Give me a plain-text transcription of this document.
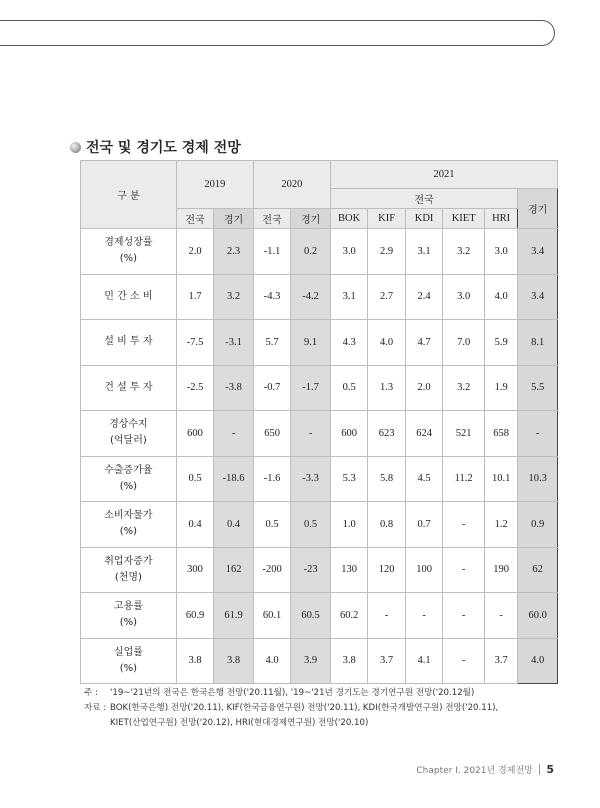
전국 및 경기도 경제 전망
구 분	2019		2020		2021					
					전국					경기
	전국	경기	전국	경기	BOK	KIF	KDI	KIET	HRI	

경제성장률
(%)	2.0	2.3	-1.1	0.2	3.0	2.9	3.1	3.2	3.0	3.4

민 간 소 비	1.7	3.2	-4.3	-4.2	3.1	2.7	2.4	3.0	4.0	3.4

설 비 투 자	-7.5	-3.1	5.7	9.1	4.3	4.0	4.7	7.0	5.9	8.1

건 설 투 자	-2.5	-3.8	-0.7	-1.7	0.5	1.3	2.0	3.2	1.9	5.5

경상수지
(억달러)	600	-	650	-	600	623	624	521	658	-

수출증가율
(%)	0.5	-18.6	-1.6	-3.3	5.3	5.8	4.5	11.2	10.1	10.3

소비자물가
(%)	0.4	0.4	0.5	0.5	1.0	0.8	0.7	-	1.2	0.9

취업자증가
(천명)	300	162	-200	-23	130	120	100	-	190	62

고용률
(%)	60.9	61.9	60.1	60.5	60.2	-	-	-	-	60.0

실업률
(%)	3.8	3.8	4.0	3.9	3.8	3.7	4.1	-	3.7	4.0
주 :	'19~'21년의 전국은 한국은행 전망('20.11월), '19~'21년 경기도는 경기연구원 전망('20.12월)
자료 : BOK(한국은행) 전망('20.11), KIF(한국금융연구원) 전망('20.11), KDI(한국개발연구원) 전망('20.11),
KIET(산업연구원) 전망('20.12), HRI(현대경제연구원) 전망('20.10)
Chapter Ⅰ. 2021년 경제전망 5
